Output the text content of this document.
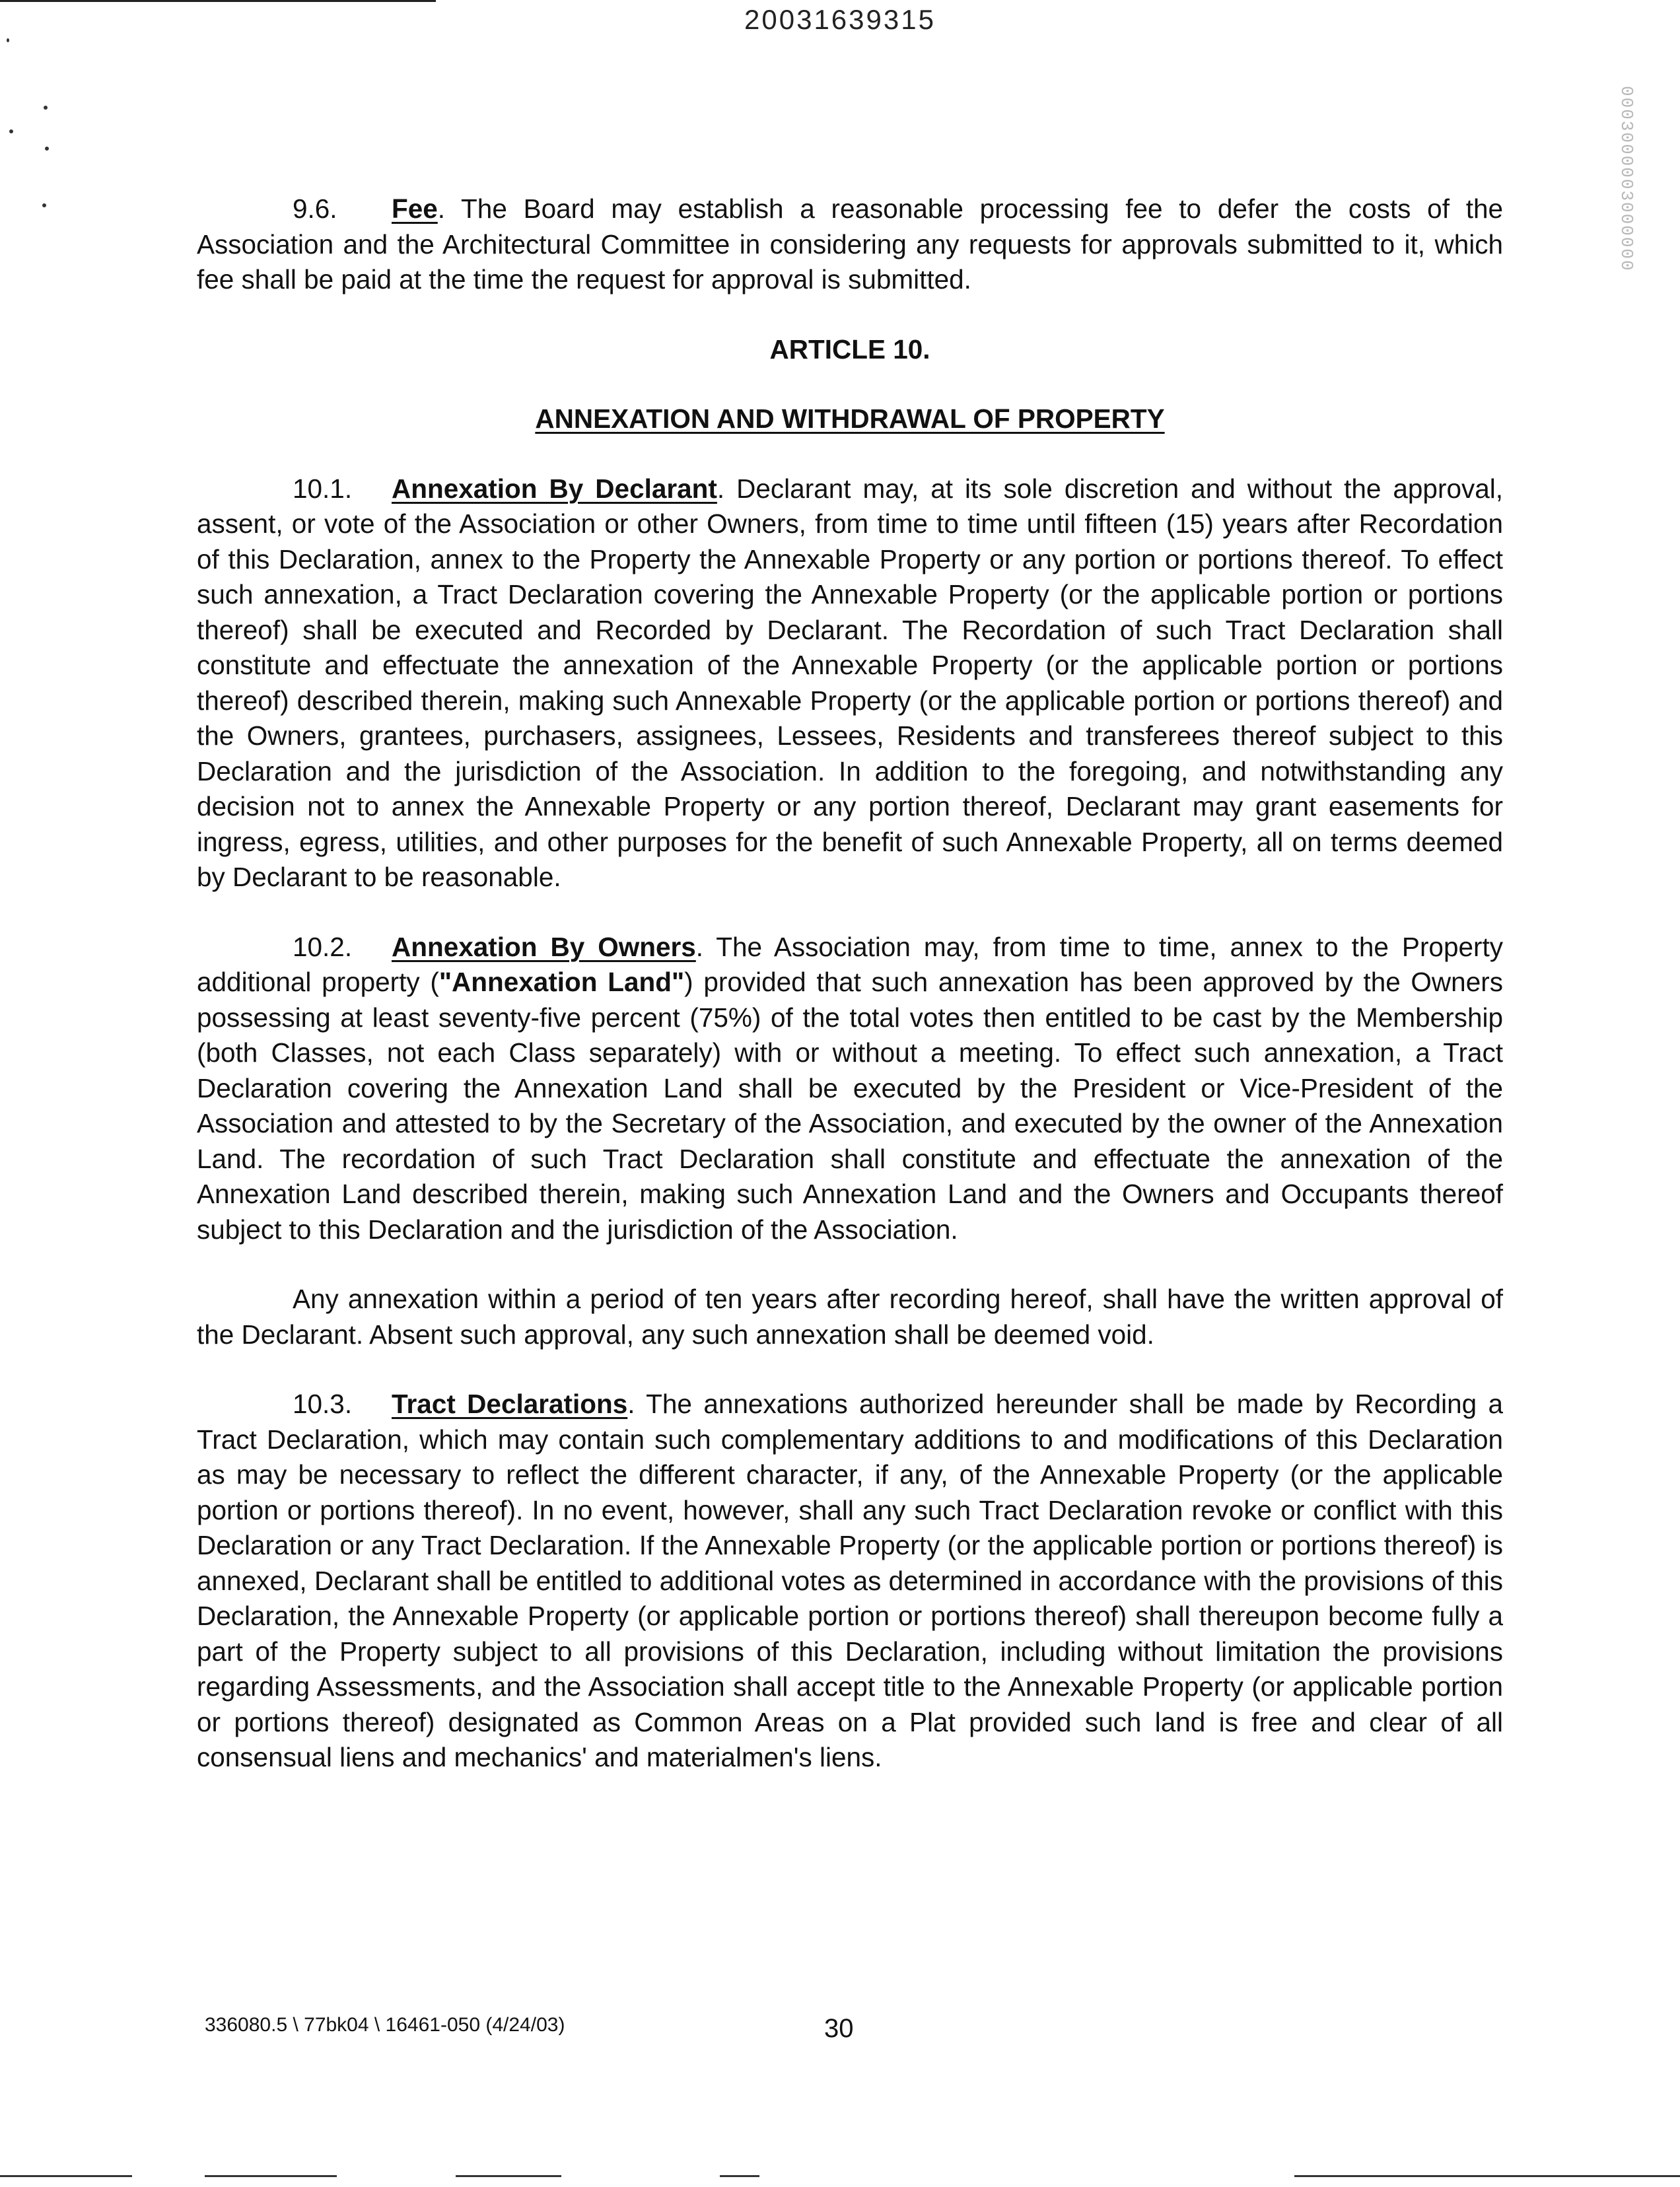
20031639315
0003000003000000

9.6. Fee. The Board may establish a reasonable processing fee to defer the costs of the Association and the Architectural Committee in considering any requests for approvals submitted to it, which fee shall be paid at the time the request for approval is submitted.

ARTICLE 10.

ANNEXATION AND WITHDRAWAL OF PROPERTY

10.1. Annexation By Declarant. Declarant may, at its sole discretion and without the approval, assent, or vote of the Association or other Owners, from time to time until fifteen (15) years after Recordation of this Declaration, annex to the Property the Annexable Property or any portion or portions thereof. To effect such annexation, a Tract Declaration covering the Annexable Property (or the applicable portion or portions thereof) shall be executed and Recorded by Declarant. The Recordation of such Tract Declaration shall constitute and effectuate the annexation of the Annexable Property (or the applicable portion or portions thereof) described therein, making such Annexable Property (or the applicable portion or portions thereof) and the Owners, grantees, purchasers, assignees, Lessees, Residents and transferees thereof subject to this Declaration and the jurisdiction of the Association. In addition to the foregoing, and notwithstanding any decision not to annex the Annexable Property or any portion thereof, Declarant may grant easements for ingress, egress, utilities, and other purposes for the benefit of such Annexable Property, all on terms deemed by Declarant to be reasonable.

10.2. Annexation By Owners. The Association may, from time to time, annex to the Property additional property ("Annexation Land") provided that such annexation has been approved by the Owners possessing at least seventy-five percent (75%) of the total votes then entitled to be cast by the Membership (both Classes, not each Class separately) with or without a meeting. To effect such annexation, a Tract Declaration covering the Annexation Land shall be executed by the President or Vice-President of the Association and attested to by the Secretary of the Association, and executed by the owner of the Annexation Land. The recordation of such Tract Declaration shall constitute and effectuate the annexation of the Annexation Land described therein, making such Annexation Land and the Owners and Occupants thereof subject to this Declaration and the jurisdiction of the Association.

Any annexation within a period of ten years after recording hereof, shall have the written approval of the Declarant. Absent such approval, any such annexation shall be deemed void.

10.3. Tract Declarations. The annexations authorized hereunder shall be made by Recording a Tract Declaration, which may contain such complementary additions to and modifications of this Declaration as may be necessary to reflect the different character, if any, of the Annexable Property (or the applicable portion or portions thereof). In no event, however, shall any such Tract Declaration revoke or conflict with this Declaration or any Tract Declaration. If the Annexable Property (or the applicable portion or portions thereof) is annexed, Declarant shall be entitled to additional votes as determined in accordance with the provisions of this Declaration, the Annexable Property (or applicable portion or portions thereof) shall thereupon become fully a part of the Property subject to all provisions of this Declaration, including without limitation the provisions regarding Assessments, and the Association shall accept title to the Annexable Property (or applicable portion or portions thereof) designated as Common Areas on a Plat provided such land is free and clear of all consensual liens and mechanics' and materialmen's liens.

336080.5 \ 77bk04 \ 16461-050 (4/24/03)	30
